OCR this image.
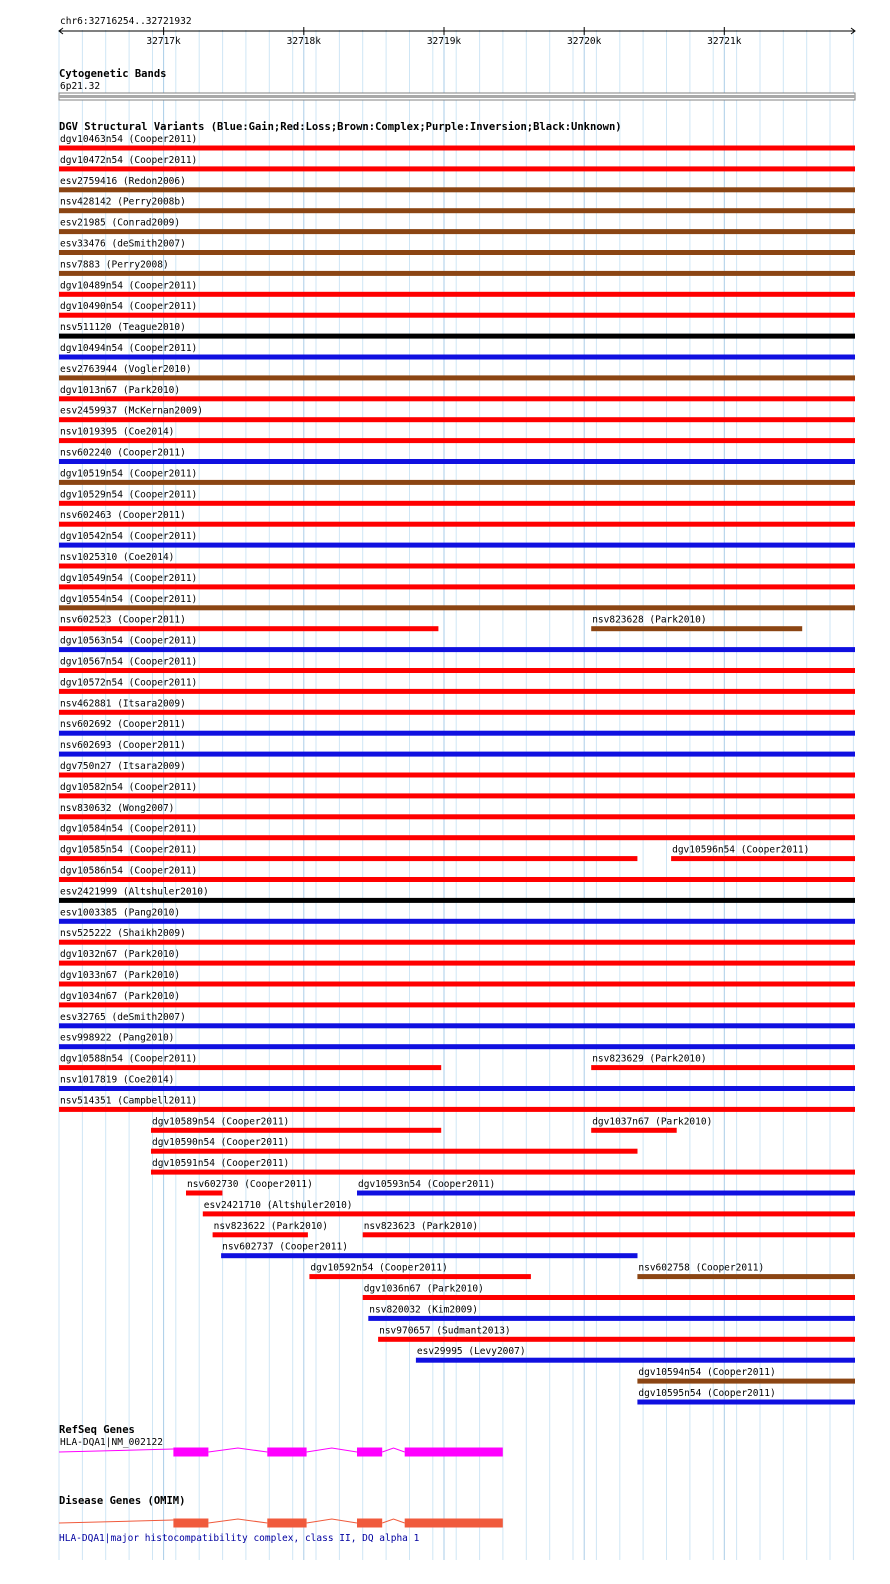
chr6:32716254..32721932
32717k	32718k	32719k	32720k	32721k
Cytogenetic Bands
6p21.32
DGV Structural Variants (Blue:Gain;Red:Loss;Brown:Complex;Purple:Inversion;Black:Unknown)
dgv10463n54 (Cooper2011)
dgv10472n54 (Cooper2011)
esv2759416 (Redon2006)
nsv428142 (Perry2008b)
esv21985 (Conrad2009)
esv33476 (deSmith2007)
nsv7883 (Perry2008)
dgv10489n54 (Cooper2011)
dgv10490n54 (Cooper2011)
nsv511120 (Teague2010)
dgv10494n54 (Cooper2011)
esv2763944 (Vogler2010)
dgv1013n67 (Park2010)
esv2459937 (McKernan2009)
nsv1019395 (Coe2014)
nsv602240 (Cooper2011)
dgv10519n54 (Cooper2011)
dgv10529n54 (Cooper2011)
nsv602463 (Cooper2011)
dgv10542n54 (Cooper2011)
nsv1025310 (Coe2014)
dgv10549n54 (Cooper2011)
dgv10554n54 (Cooper2011)
nsv602523 (Cooper2011)	nsv823628 (Park2010)
dgv10563n54 (Cooper2011)
dgv10567n54 (Cooper2011)
dgv10572n54 (Cooper2011)
nsv462881 (Itsara2009)
nsv602692 (Cooper2011)
nsv602693 (Cooper2011)
dgv750n27 (Itsara2009)
dgv10582n54 (Cooper2011)
nsv830632 (Wong2007)
dgv10584n54 (Cooper2011)
dgv10585n54 (Cooper2011)	dgv10596n54 (Cooper2011)
dgv10586n54 (Cooper2011)
esv2421999 (Altshuler2010)
esv1003385 (Pang2010)
nsv525222 (Shaikh2009)
dgv1032n67 (Park2010)
dgv1033n67 (Park2010)
dgv1034n67 (Park2010)
esv32765 (deSmith2007)
esv998922 (Pang2010)
dgv10588n54 (Cooper2011)	nsv823629 (Park2010)
nsv1017819 (Coe2014)
nsv514351 (Campbell2011)
dgv10589n54 (Cooper2011)	dgv1037n67 (Park2010)
dgv10590n54 (Cooper2011)
dgv10591n54 (Cooper2011)
nsv602730 (Cooper2011)	dgv10593n54 (Cooper2011)
esv2421710 (Altshuler2010)
nsv823622 (Park2010)	nsv823623 (Park2010)
nsv602737 (Cooper2011)
dgv10592n54 (Cooper2011)	nsv602758 (Cooper2011)
dgv1036n67 (Park2010)
nsv820032 (Kim2009)
nsv970657 (Sudmant2013)
esv29995 (Levy2007)
dgv10594n54 (Cooper2011)
dgv10595n54 (Cooper2011)
RefSeq Genes
HLA-DQA1|NM_002122
Disease Genes (OMIM)
HLA-DQA1|major histocompatibility complex, class II, DQ alpha 1
